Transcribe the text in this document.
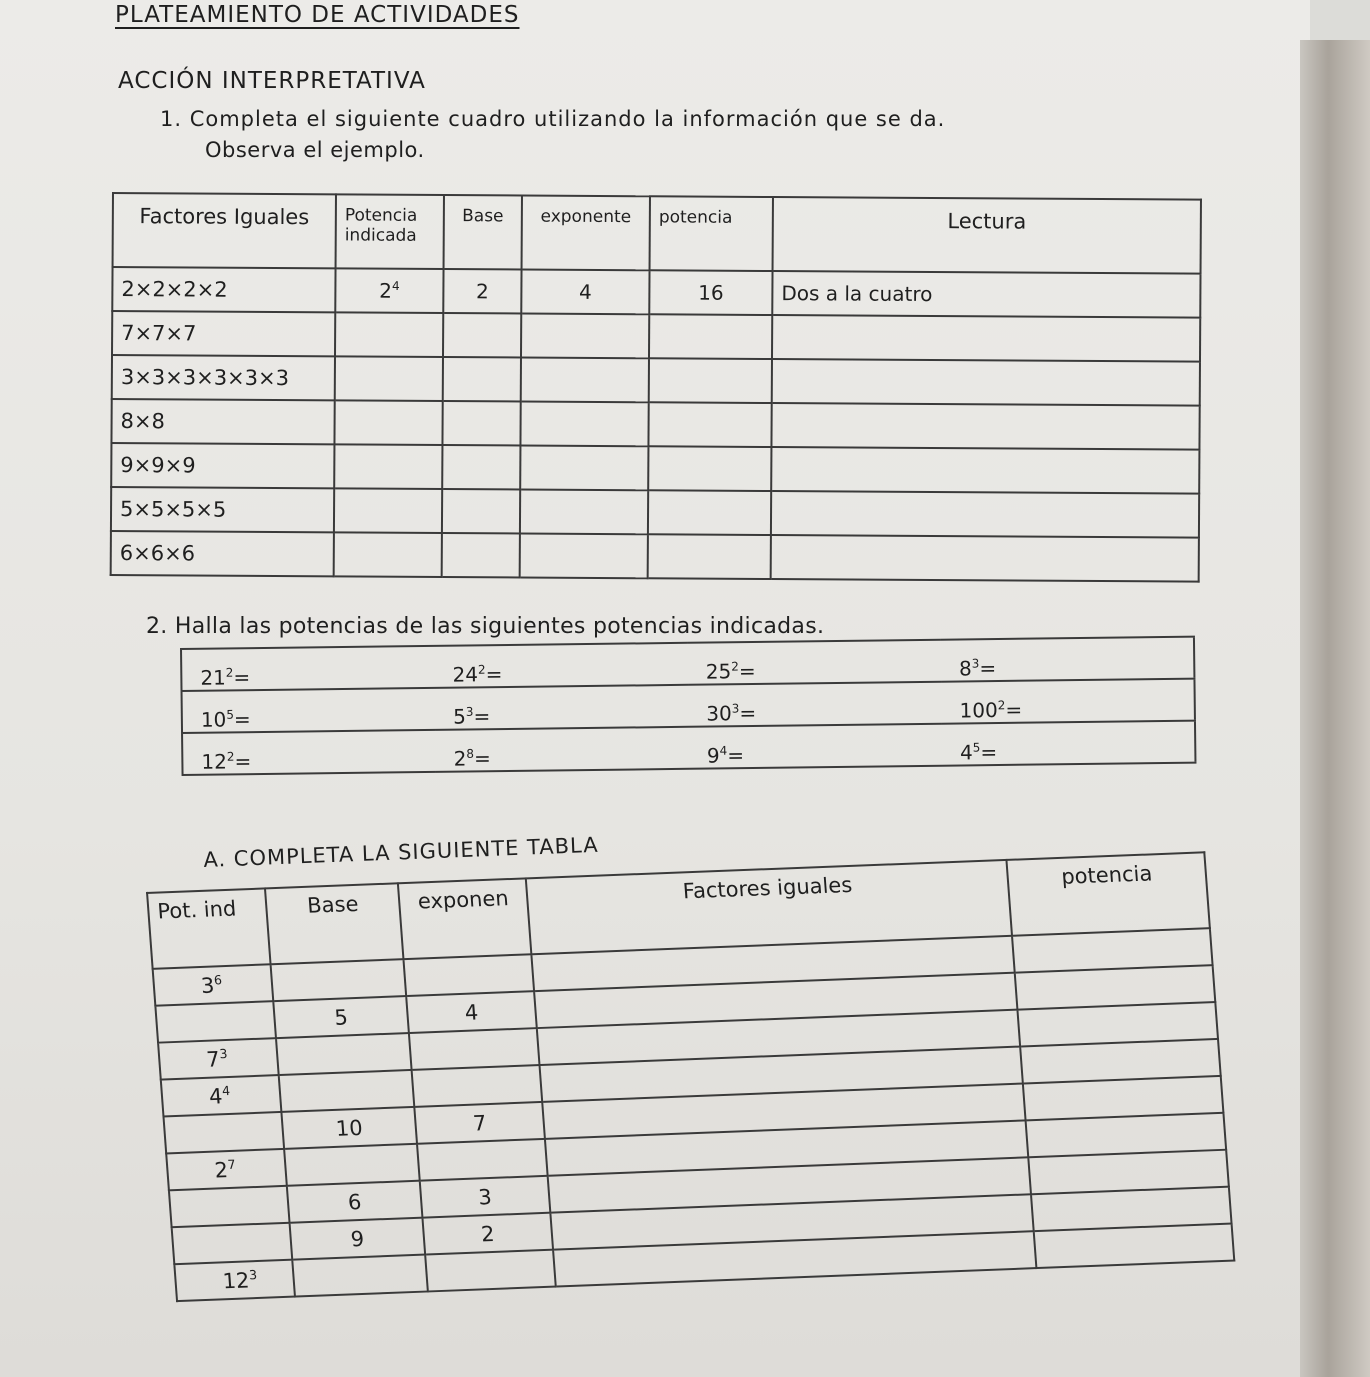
PLATEAMIENTO DE ACTIVIDADES
ACCIÓN INTERPRETATIVA
1. Completa el siguiente cuadro utilizando la información que se da.
Observa el ejemplo.
Factores Iguales	Potencia indicada	Base	exponente	potencia	Lectura
2×2×2×2	$2^4$	2	4	16	Dos a la cuatro
7×7×7					
3×3×3×3×3×3					
8×8					
9×9×9					
5×5×5×5					
6×6×6					
2. Halla las potencias de las siguientes potencias indicadas.
$21^2=$	$24^2=$	$25^2=$	$8^3=$
$10^5=$	$5^3=$	$30^3=$	$100^2=$
$12^2=$	$2^8=$	$9^4=$	$4^5=$
A. COMPLETA LA SIGUIENTE TABLA
Pot. ind	Base	exponen	Factores iguales	potencia
$3^6$				
	5	4		
$7^3$				
$4^4$				
	10	7		
$2^7$				
	6	3		
	9	2		
$12^3$				
